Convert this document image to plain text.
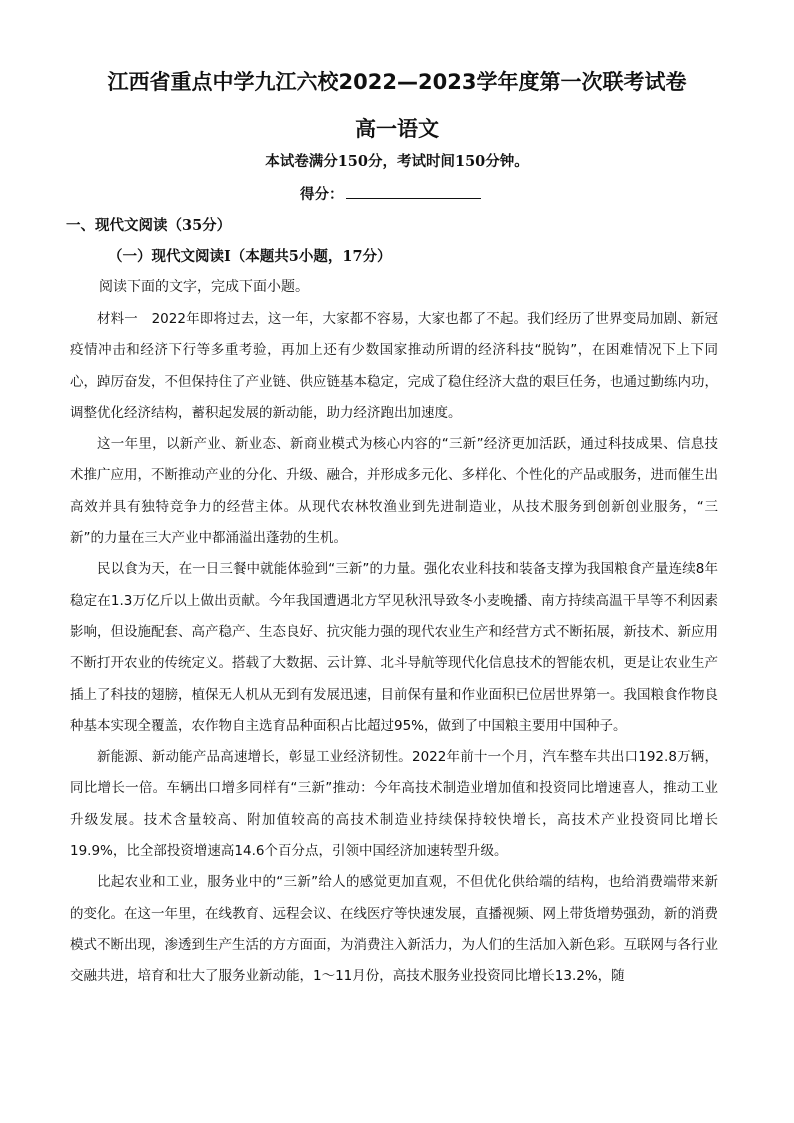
江西省重点中学九江六校2022—2023学年度第一次联考试卷
高一语文
本试卷满分150分，考试时间150分钟。
得分：
一、现代文阅读（35分）
（一）现代文阅读Ⅰ（本题共5小题，17分）
阅读下面的文字，完成下面小题。

材料一　2022年即将过去，这一年，大家都不容易，大家也都了不起。我们经历了世界变局加剧、新冠疫情冲击和经济下行等多重考验，再加上还有少数国家推动所谓的经济科技“脱钩”，在困难情况下上下同心，踔厉奋发，不但保持住了产业链、供应链基本稳定，完成了稳住经济大盘的艰巨任务，也通过勤练内功，调整优化经济结构，蓄积起发展的新动能，助力经济跑出加速度。

这一年里，以新产业、新业态、新商业模式为核心内容的“三新”经济更加活跃，通过科技成果、信息技术推广应用，不断推动产业的分化、升级、融合，并形成多元化、多样化、个性化的产品或服务，进而催生出高效并具有独特竞争力的经营主体。从现代农林牧渔业到先进制造业，从技术服务到创新创业服务，“三新”的力量在三大产业中都涌溢出蓬勃的生机。

民以食为天，在一日三餐中就能体验到“三新”的力量。强化农业科技和装备支撑为我国粮食产量连续8年稳定在1.3万亿斤以上做出贡献。今年我国遭遇北方罕见秋汛导致冬小麦晚播、南方持续高温干旱等不利因素影响，但设施配套、高产稳产、生态良好、抗灾能力强的现代农业生产和经营方式不断拓展，新技术、新应用不断打开农业的传统定义。搭载了大数据、云计算、北斗导航等现代化信息技术的智能农机，更是让农业生产插上了科技的翅膀，植保无人机从无到有发展迅速，目前保有量和作业面积已位居世界第一。我国粮食作物良种基本实现全覆盖，农作物自主选育品种面积占比超过95%，做到了中国粮主要用中国种子。

新能源、新动能产品高速增长，彰显工业经济韧性。2022年前十一个月，汽车整车共出口192.8万辆，同比增长一倍。车辆出口增多同样有“三新”推动：今年高技术制造业增加值和投资同比增速喜人，推动工业升级发展。技术含量较高、附加值较高的高技术制造业持续保持较快增长，高技术产业投资同比增长19.9%，比全部投资增速高14.6个百分点，引领中国经济加速转型升级。

比起农业和工业，服务业中的“三新”给人的感觉更加直观，不但优化供给端的结构，也给消费端带来新的变化。在这一年里，在线教育、远程会议、在线医疗等快速发展，直播视频、网上带货增势强劲，新的消费模式不断出现，渗透到生产生活的方方面面，为消费注入新活力，为人们的生活加入新色彩。互联网与各行业交融共进，培育和壮大了服务业新动能，1～11月份，高技术服务业投资同比增长13.2%，随
